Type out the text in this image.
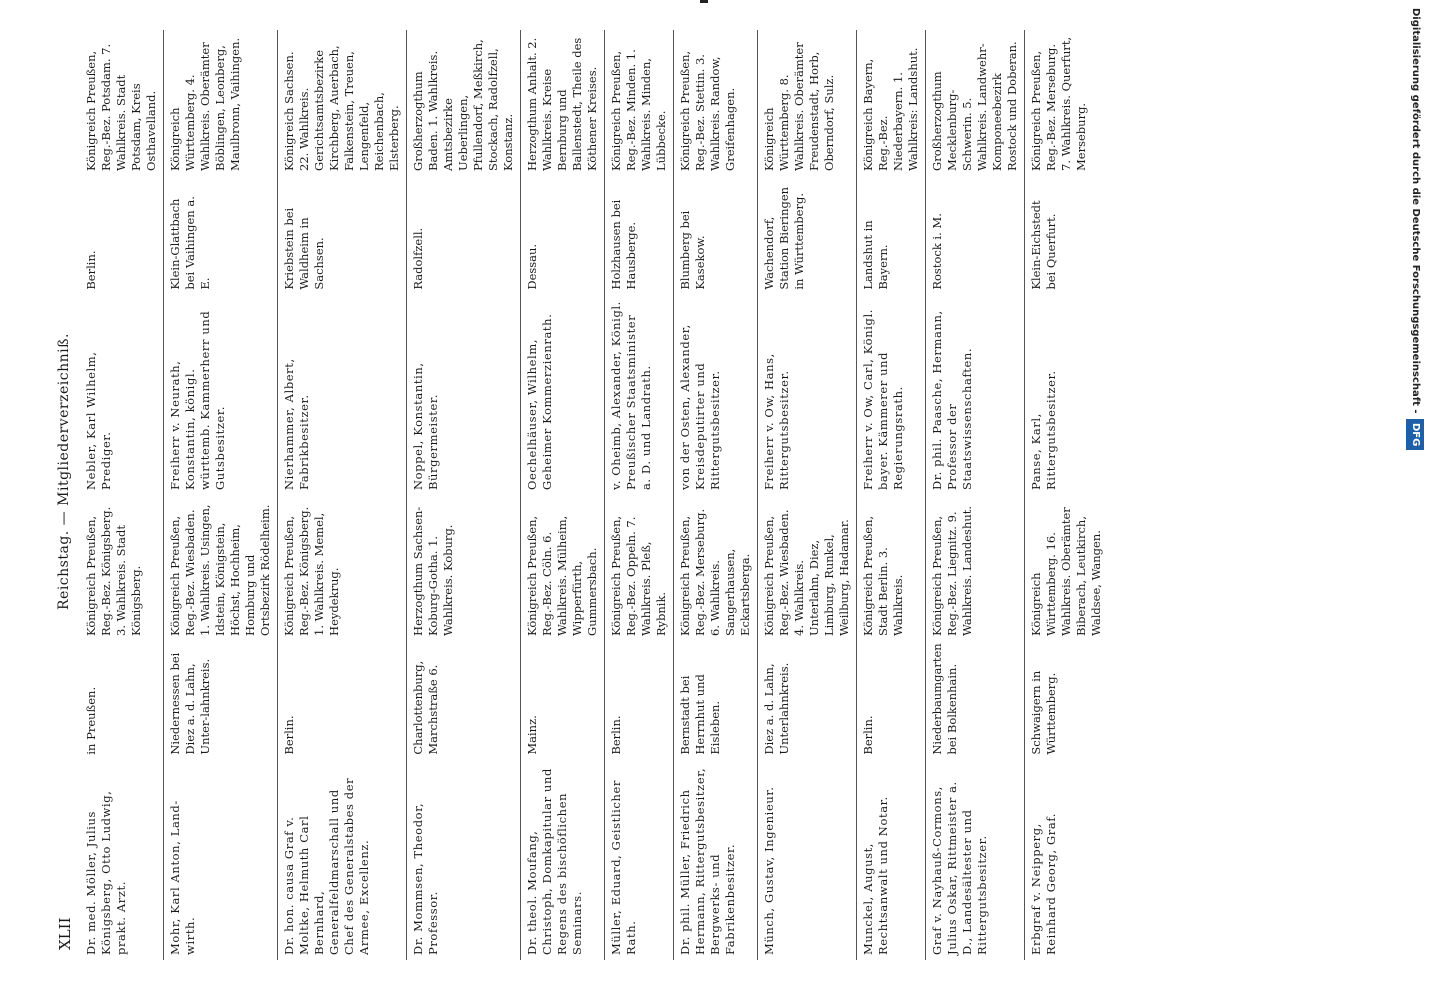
XLII
Reichstag. — Mitgliederverzeichniß.
Dr. med. Möller, Julius Königsberg, Otto Ludwig, prakt. Arzt.	in Preußen.	Königreich Preußen, Reg.-Bez. Königsberg. 3. Wahlkreis. Stadt Königsberg.	Nebler, Karl Wilhelm, Prediger.	Berlin.	Königreich Preußen, Reg.-Bez. Potsdam. 7. Wahlkreis. Stadt Potsdam, Kreis Osthavelland.
Mohr, Karl Anton, Land-wirth.	Niedernessen bei Diez a. d. Lahn, Unter-lahnkreis.	Königreich Preußen, Reg.-Bez. Wiesbaden. 1. Wahlkreis. Usingen, Idstein, Königstein, Höchst, Hochheim, Homburg und Ortsbezirk Rödelheim.	Freiherr v. Neurath, Konstantin, königl. württemb. Kammerherr und Gutsbesitzer.	Klein-Glattbach bei Vaihingen a. E.	Königreich Württemberg. 4. Wahlkreis. Oberämter Böblingen, Leonberg, Maulbronn, Vaihingen.
Dr. hon. causa Graf v. Moltke, Helmuth Carl Bernhard, Generalfeldmarschall und Chef des Generalstabes der Armee, Excellenz.	Berlin.	Königreich Preußen, Reg.-Bez. Königsberg. 1. Wahlkreis. Memel, Heydekrug.	Nierhammer, Albert, Fabrikbesitzer.	Kriebstein bei Waldheim in Sachsen.	Königreich Sachsen. 22. Wahlkreis. Gerichtsamtsbezirke Kirchberg, Auerbach, Falkenstein, Treuen, Lengenfeld, Reichenbach, Elsterberg.
Dr. Mommsen, Theodor, Professor.	Charlottenburg, Marchstraße 6.	Herzogthum Sachsen-Koburg-Gotha. 1. Wahlkreis. Koburg.	Noppel, Konstantin, Bürgermeister.	Radolfzell.	Großherzogthum Baden. 1. Wahlkreis. Amtsbezirke Ueberlingen, Pfullendorf, Meßkirch, Stockach, Radolfzell, Konstanz.
Dr. theol. Moufang, Christoph, Domkapitular und Regens des bischöflichen Seminars.	Mainz.	Königreich Preußen, Reg.-Bez. Cöln. 6. Wahlkreis. Mülheim, Wipperfürth, Gummersbach.	Oechelhäuser, Wilhelm, Geheimer Kommerzienrath.	Dessau.	Herzogthum Anhalt. 2. Wahlkreis. Kreise Bernburg und Ballenstedt, Theile des Köthener Kreises.
Müller, Eduard, Geistlicher Rath.	Berlin.	Königreich Preußen, Reg.-Bez. Oppeln. 7. Wahlkreis. Pleß, Rybnik.	v. Oheimb, Alexander, Königl. Preußischer Staatsminister a. D. und Landrath.	Holzhausen bei Hausberge.	Königreich Preußen, Reg.-Bez. Minden. 1. Wahlkreis. Minden, Lübbecke.
Dr. phil. Müller, Friedrich Hermann, Rittergutsbesitzer, Bergwerks- und Fabrikenbesitzer.	Bernstadt bei Herrnhut und Eisleben.	Königreich Preußen, Reg.-Bez. Merseburg. 6. Wahlkreis. Sangerhausen, Eckartsberga.	von der Osten, Alexander, Kreisdeputirter und Rittergutsbesitzer.	Blumberg bei Kasekow.	Königreich Preußen, Reg.-Bez. Stettin. 3. Wahlkreis. Randow, Greifenhagen.
Münch, Gustav, Ingenieur.	Diez a. d. Lahn, Unterlahnkreis.	Königreich Preußen, Reg.-Bez. Wiesbaden. 4. Wahlkreis. Unterlahn, Diez, Limburg, Runkel, Weilburg, Hadamar.	Freiherr v. Ow, Hans, Rittergutsbesitzer.	Wachendorf, Station Bieringen in Württemberg.	Königreich Württemberg. 8. Wahlkreis. Oberämter Freudenstadt, Horb, Oberndorf, Sulz.
Munckel, August, Rechtsanwalt und Notar.	Berlin.	Königreich Preußen, Stadt Berlin. 3. Wahlkreis.	Freiherr v. Ow, Carl, Königl. bayer. Kämmerer und Regierungsrath.	Landshut in Bayern.	Königreich Bayern, Reg.-Bez. Niederbayern. 1. Wahlkreis: Landshut.
Graf v. Nayhauß-Cormons, Julius Oskar, Rittmeister a. D., Landesältester und Rittergutsbesitzer.	Niederbaumgarten bei Bolkenhain.	Königreich Preußen, Reg.-Bez. Liegnitz. 9. Wahlkreis. Landeshut.	Dr. phil. Paasche, Hermann, Professor der Staatswissenschaften.	Rostock i. M.	Großherzogthum Mecklenburg-Schwerin. 5. Wahlkreis. Landwehr-Komponeebezirk Rostock und Doberan.
Erbgraf v. Neipperg, Reinhard Georg, Graf.	Schwaigern in Württemberg.	Königreich Württemberg. 16. Wahlkreis. Oberämter Biberach, Leutkirch, Waldsee, Wangen.	Panse, Karl, Rittergutsbesitzer.	Klein-Eichstedt bei Querfurt.	Königreich Preußen, Reg.-Bez. Merseburg. 7. Wahlkreis. Querfurt, Merseburg.	Digitalisierung gefördert durch die Deutsche Forschungsgemeinschaft - DFG
